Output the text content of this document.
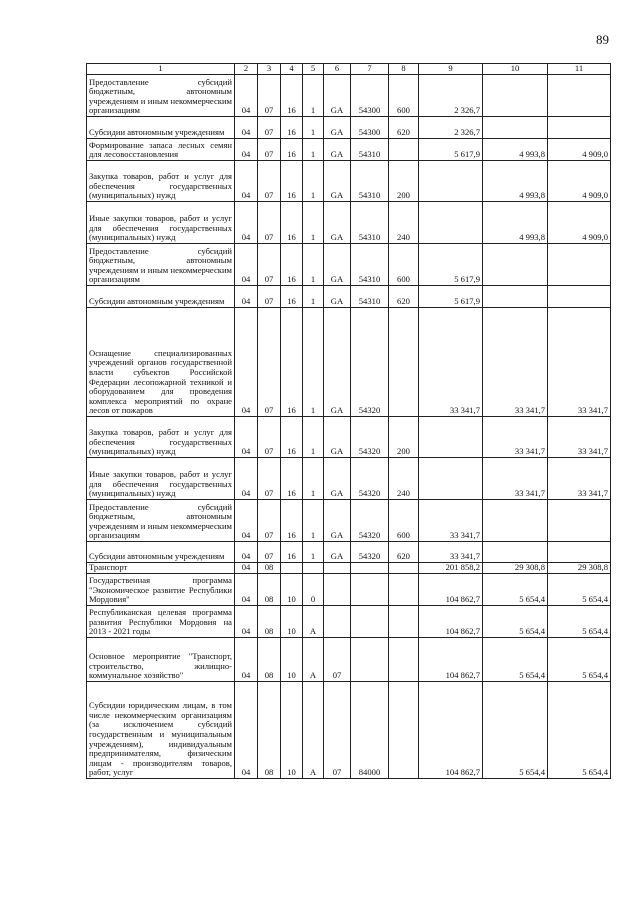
89
1	2	3	4	5	6	7	8	9	10	11
Предоставление субсидий бюджетным, автономным учреждениям и иным некоммерческим организациям	04	07	16	1	GA	54300	600	2 326,7		
Субсидии автономным учреждениям	04	07	16	1	GA	54300	620	2 326,7		
Формирование запаса лесных семян для лесовосстановления	04	07	16	1	GA	54310		5 617,9	4 993,8	4 909,0
Закупка товаров, работ и услуг для обеспечения государственных (муниципальных) нужд	04	07	16	1	GA	54310	200		4 993,8	4 909,0
Иные закупки товаров, работ и услуг для обеспечения государственных (муниципальных) нужд	04	07	16	1	GA	54310	240		4 993,8	4 909,0
Предоставление субсидий бюджетным, автономным учреждениям и иным некоммерческим организациям	04	07	16	1	GA	54310	600	5 617,9		
Субсидии автономным учреждениям	04	07	16	1	GA	54310	620	5 617,9		
Оснащение специализированных учреждений органов государственной власти субъектов Российской Федерации лесопожарной техникой и оборудованием для проведения комплекса мероприятий по охране лесов от пожаров	04	07	16	1	GA	54320		33 341,7	33 341,7	33 341,7
Закупка товаров, работ и услуг для обеспечения государственных (муниципальных) нужд	04	07	16	1	GA	54320	200		33 341,7	33 341,7
Иные закупки товаров, работ и услуг для обеспечения государственных (муниципальных) нужд	04	07	16	1	GA	54320	240		33 341,7	33 341,7
Предоставление субсидий бюджетным, автономным учреждениям и иным некоммерческим организациям	04	07	16	1	GA	54320	600	33 341,7		
Субсидии автономным учреждениям	04	07	16	1	GA	54320	620	33 341,7		
Транспорт	04	08						201 858,2	29 308,8	29 308,8
Государственная программа "Экономическое развитие Республики Мордовия"	04	08	10	0				104 862,7	5 654,4	5 654,4
Республиканская целевая программа развития Республики Мордовия на 2013 - 2021 годы	04	08	10	А				104 862,7	5 654,4	5 654,4
Основное мероприятие "Транспорт, строительство, жилищно-коммунальное хозяйство"	04	08	10	А	07			104 862,7	5 654,4	5 654,4
Субсидии юридическим лицам, в том числе некоммерческим организациям (за исключением субсидий государственным и муниципальным учреждениям), индивидуальным предпринимателям, физическим лицам - производителям товаров, работ, услуг	04	08	10	А	07	84000		104 862,7	5 654,4	5 654,4
